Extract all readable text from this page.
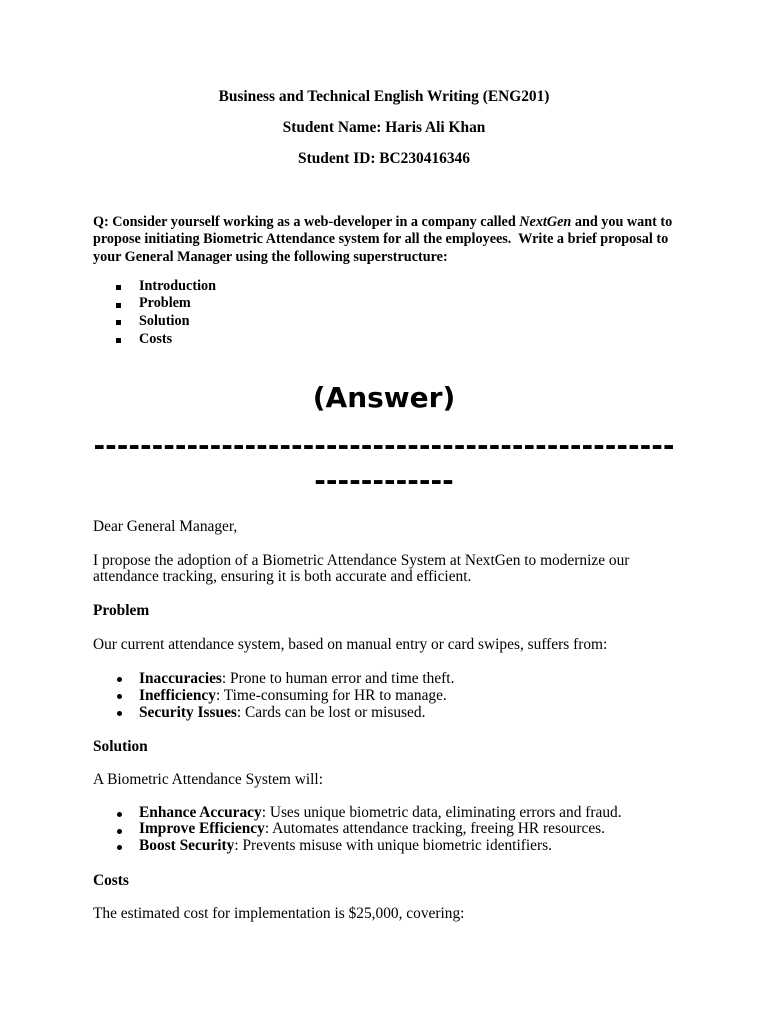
Business and Technical English Writing (ENG201)

Student Name: Haris Ali Khan

Student ID: BC230416346

Q: Consider yourself working as a web-developer in a company called NextGen and you want to propose initiating Biometric Attendance system for all the employees.  Write a brief proposal to your General Manager using the following superstructure:

Introduction
Problem
Solution
Costs

(Answer)

--------------------------------------------------
------------

Dear General Manager,

I propose the adoption of a Biometric Attendance System at NextGen to modernize our attendance tracking, ensuring it is both accurate and efficient.

Problem

Our current attendance system, based on manual entry or card swipes, suffers from:

Inaccuracies: Prone to human error and time theft.
Inefficiency: Time-consuming for HR to manage.
Security Issues: Cards can be lost or misused.

Solution

A Biometric Attendance System will:

Enhance Accuracy: Uses unique biometric data, eliminating errors and fraud.
Improve Efficiency: Automates attendance tracking, freeing HR resources.
Boost Security: Prevents misuse with unique biometric identifiers.

Costs

The estimated cost for implementation is $25,000, covering:
